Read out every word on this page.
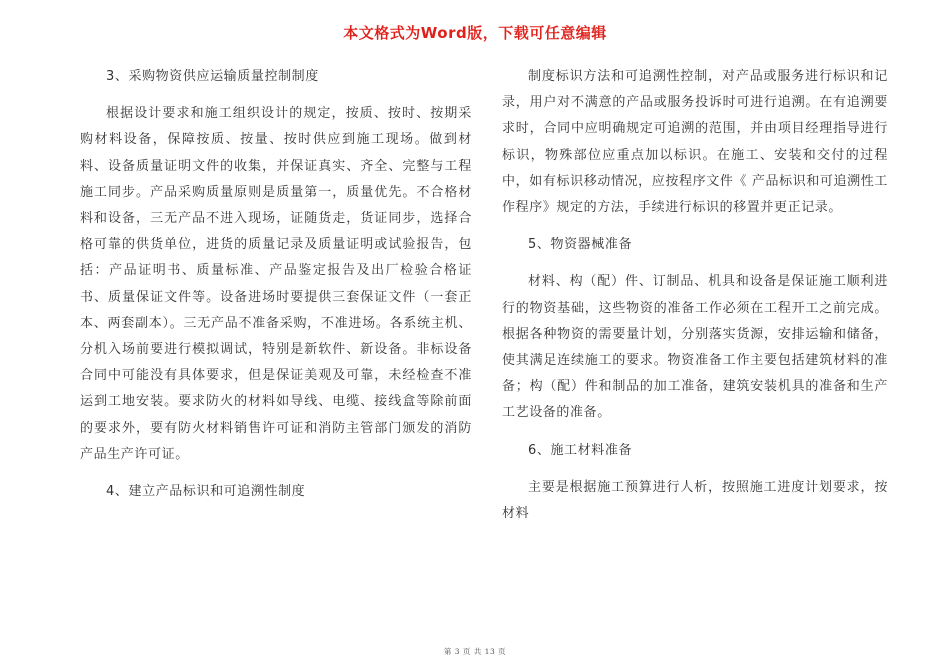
本文格式为Word版，下载可任意编辑

3、采购物资供应运输质量控制制度

根据设计要求和施工组织设计的规定，按质、按时、按期采购材料设备，保障按质、按量、按时供应到施工现场。做到材料、设备质量证明文件的收集，并保证真实、齐全、完整与工程施工同步。产品采购质量原则是质量第一，质量优先。不合格材料和设备，三无产品不进入现场，证随货走，货证同步，选择合格可靠的供货单位，进货的质量记录及质量证明或试验报告，包括：产品证明书、质量标准、产品鉴定报告及出厂检验合格证书、质量保证文件等。设备进场时要提供三套保证文件（一套正本、两套副本）。三无产品不准备采购，不准进场。各系统主机、分机入场前要进行模拟调试，特别是新软件、新设备。非标设备合同中可能没有具体要求，但是保证美观及可靠，未经检查不准运到工地安装。要求防火的材料如导线、电缆、接线盒等除前面的要求外，要有防火材料销售许可证和消防主管部门颁发的消防产品生产许可证。

4、建立产品标识和可追溯性制度

制度标识方法和可追溯性控制，对产品或服务进行标识和记录，用户对不满意的产品或服务投诉时可进行追溯。在有追溯要求时，合同中应明确规定可追溯的范围，并由项目经理指导进行标识，物殊部位应重点加以标识。在施工、安装和交付的过程中，如有标识移动情况，应按程序文件《 产品标识和可追溯性工作程序》规定的方法，手续进行标识的移置并更正记录。

5、物资器械准备

材料、构（配）件、订制品、机具和设备是保证施工顺利进行的物资基础，这些物资的准备工作必须在工程开工之前完成。根据各种物资的需要量计划，分别落实货源，安排运输和储备，使其满足连续施工的要求。物资准备工作主要包括建筑材料的准备；构（配）件和制品的加工准备，建筑安装机具的准备和生产工艺设备的准备。

6、施工材料准备

主要是根据施工预算进行人析，按照施工进度计划要求，按材料

第 3 页 共 13 页
